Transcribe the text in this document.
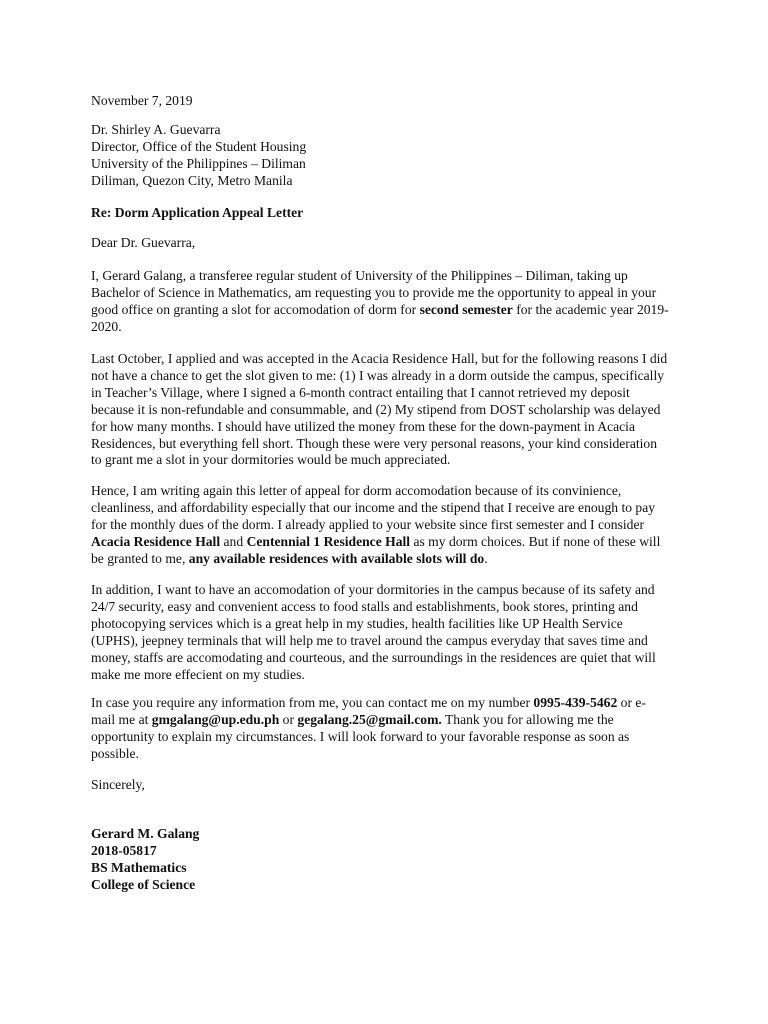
November 7, 2019

Dr. Shirley A. Guevarra
Director, Office of the Student Housing
University of the Philippines – Diliman
Diliman, Quezon City, Metro Manila

Re: Dorm Application Appeal Letter

Dear Dr. Guevarra,

I, Gerard Galang, a transferee regular student of University of the Philippines – Diliman, taking up
Bachelor of Science in Mathematics, am requesting you to provide me the opportunity to appeal in your
good office on granting a slot for accomodation of dorm for second semester for the academic year 2019-
2020.

Last October, I applied and was accepted in the Acacia Residence Hall, but for the following reasons I did
not have a chance to get the slot given to me: (1) I was already in a dorm outside the campus, specifically
in Teacher’s Village, where I signed a 6-month contract entailing that I cannot retrieved my deposit
because it is non-refundable and consummable, and (2) My stipend from DOST scholarship was delayed
for how many months. I should have utilized the money from these for the down-payment in Acacia
Residences, but everything fell short. Though these were very personal reasons, your kind consideration
to grant me a slot in your dormitories would be much appreciated.

Hence, I am writing again this letter of appeal for dorm accomodation because of its convinience,
cleanliness, and affordability especially that our income and the stipend that I receive are enough to pay
for the monthly dues of the dorm. I already applied to your website since first semester and I consider
Acacia Residence Hall and Centennial 1 Residence Hall as my dorm choices. But if none of these will
be granted to me, any available residences with available slots will do.

In addition, I want to have an accomodation of your dormitories in the campus because of its safety and
24/7 security, easy and convenient access to food stalls and establishments, book stores, printing and
photocopying services which is a great help in my studies, health facilities like UP Health Service
(UPHS), jeepney terminals that will help me to travel around the campus everyday that saves time and
money, staffs are accomodating and courteous, and the surroundings in the residences are quiet that will
make me more effecient on my studies.

In case you require any information from me, you can contact me on my number 0995-439-5462 or e-
mail me at gmgalang@up.edu.ph or gegalang.25@gmail.com. Thank you for allowing me the
opportunity to explain my circumstances. I will look forward to your favorable response as soon as
possible.

Sincerely,

Gerard M. Galang
2018-05817
BS Mathematics
College of Science
